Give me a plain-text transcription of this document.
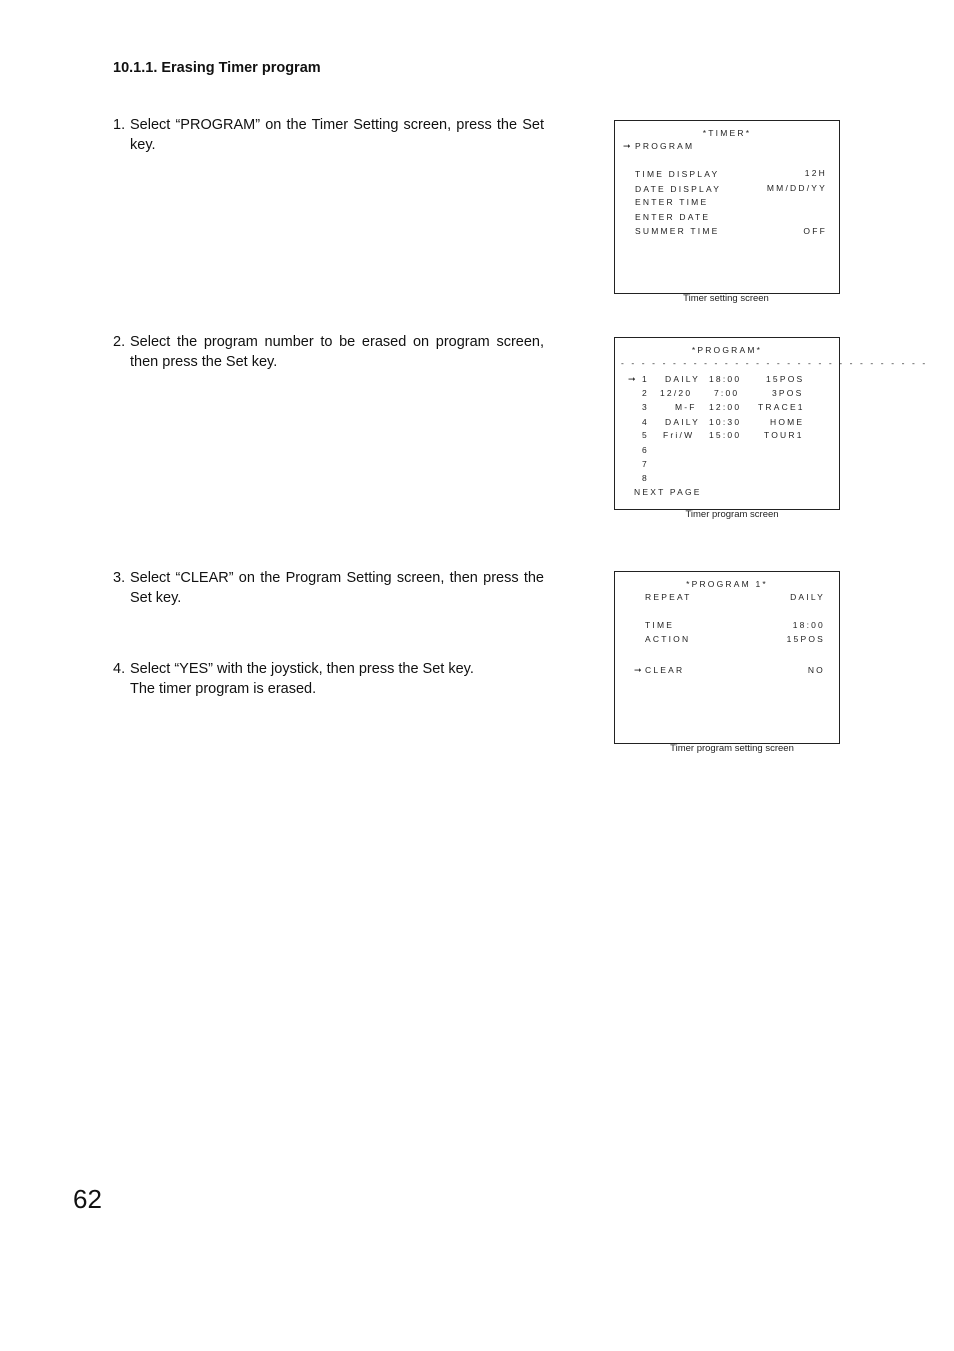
10.1.1. Erasing Timer program
1. Select “PROGRAM” on the Timer Setting screen, press the Set key.
2. Select the program number to be erased on program screen, then press the Set key.
3. Select “CLEAR” on the Program Setting screen, then press the Set key.
4. Select “YES” with the joystick, then press the Set key.
The timer program is erased.
*TIMER*
➞ PROGRAM
TIME DISPLAY	12H
DATE DISPLAY	MM/DD/YY
ENTER TIME
ENTER DATE
SUMMER TIME	OFF
Timer setting screen
*PROGRAM*
- - - - - - - - - - - - - - - - - - - - - - - - - - - - - -
➞ 1 DAILY 18:00	15POS
2 12/20	7:00	3POS
3	M-F 12:00 TRACE1
4 DAILY 10:30	HOME
5 Fri/W 15:00	TOUR1
6
7
8
NEXT PAGE
Timer program screen
*PROGRAM 1*
REPEAT	DAILY
TIME	18:00
ACTION	15POS
➞ CLEAR	NO
Timer program setting screen
62
